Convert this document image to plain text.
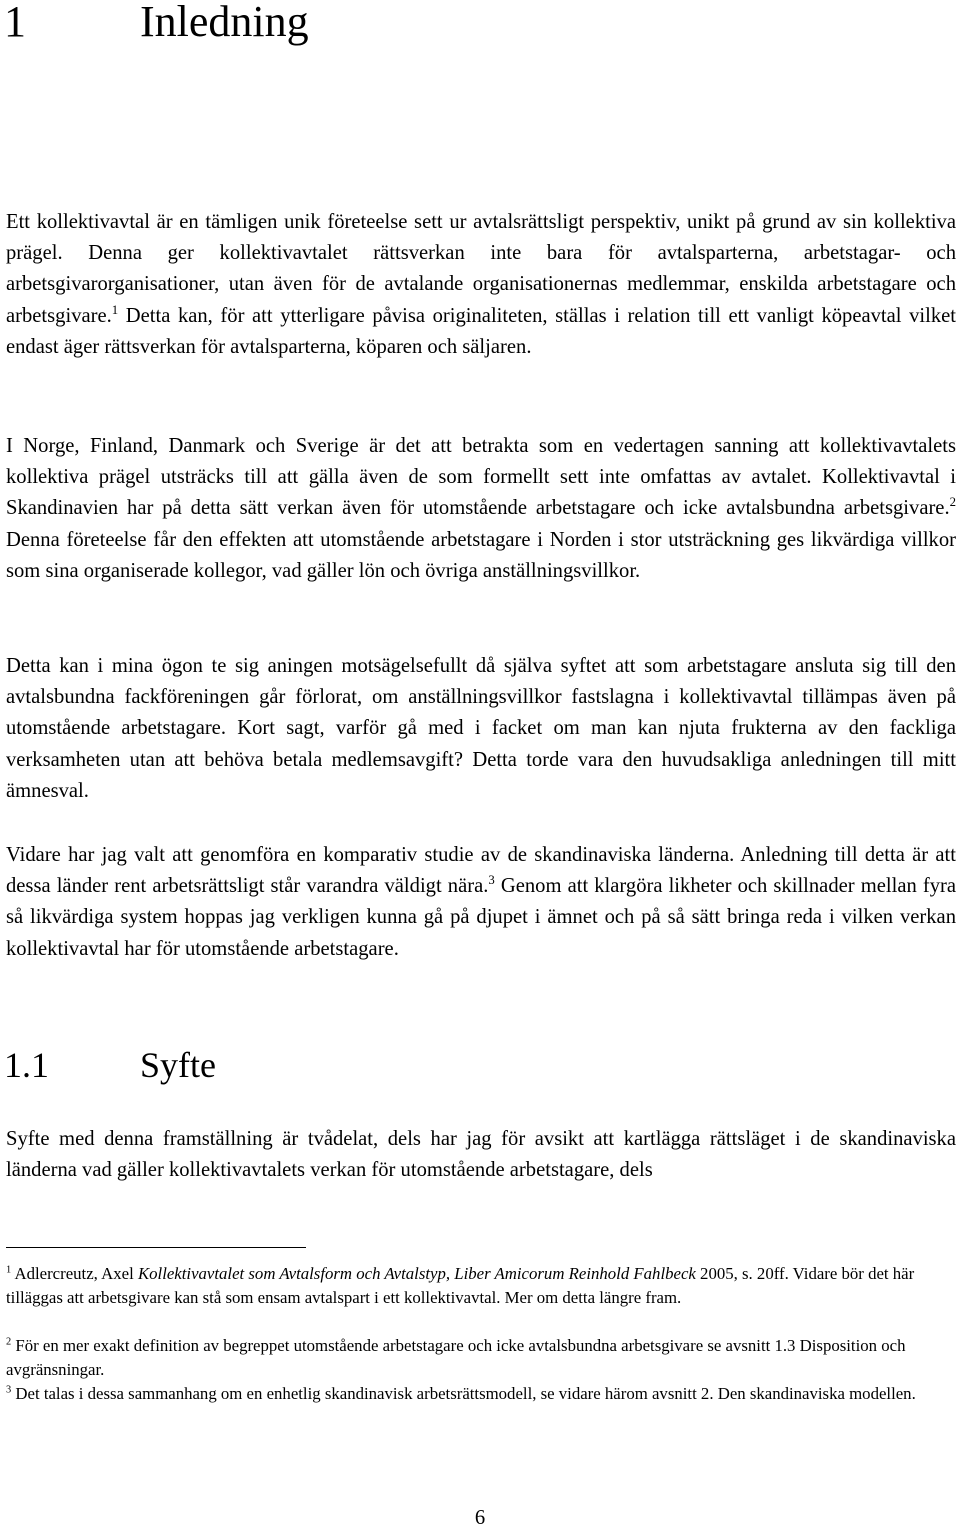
1	Inledning

Ett kollektivavtal är en tämligen unik företeelse sett ur avtalsrättsligt perspektiv, unikt på grund av sin kollektiva prägel. Denna ger kollektivavtalet rättsverkan inte bara för avtalsparterna, arbetstagar- och arbetsgivarorganisationer, utan även för de avtalande organisationernas medlemmar, enskilda arbetstagare och arbetsgivare.$^1$ Detta kan, för att ytterligare påvisa originaliteten, ställas i relation till ett vanligt köpeavtal vilket endast äger rättsverkan för avtalsparterna, köparen och säljaren.

I Norge, Finland, Danmark och Sverige är det att betrakta som en vedertagen sanning att kollektivavtalets kollektiva prägel utsträcks till att gälla även de som formellt sett inte omfattas av avtalet. Kollektivavtal i Skandinavien har på detta sätt verkan även för utomstående arbetstagare och icke avtalsbundna arbetsgivare.$^2$ Denna företeelse får den effekten att utomstående arbetstagare i Norden i stor utsträckning ges likvärdiga villkor som sina organiserade kollegor, vad gäller lön och övriga anställningsvillkor.

Detta kan i mina ögon te sig aningen motsägelsefullt då själva syftet att som arbetstagare ansluta sig till den avtalsbundna fackföreningen går förlorat, om anställningsvillkor fastslagna i kollektivavtal tillämpas även på utomstående arbetstagare. Kort sagt, varför gå med i facket om man kan njuta frukterna av den fackliga verksamheten utan att behöva betala medlemsavgift? Detta torde vara den huvudsakliga anledningen till mitt ämnesval.

Vidare har jag valt att genomföra en komparativ studie av de skandinaviska länderna. Anledning till detta är att dessa länder rent arbetsrättsligt står varandra väldigt nära.$^3$ Genom att klargöra likheter och skillnader mellan fyra så likvärdiga system hoppas jag verkligen kunna gå på djupet i ämnet och på så sätt bringa reda i vilken verkan kollektivavtal har för utomstående arbetstagare.

1.1	Syfte

Syfte med denna framställning är tvådelat, dels har jag för avsikt att kartlägga rättsläget i de skandinaviska länderna vad gäller kollektivavtalets verkan för utomstående arbetstagare, dels

$^1$ Adlercreutz, Axel Kollektivavtalet som Avtalsform och Avtalstyp, Liber Amicorum Reinhold Fahlbeck 2005, s. 20ff. Vidare bör det här tilläggas att arbetsgivare kan stå som ensam avtalspart i ett kollektivavtal. Mer om detta längre fram.

$^2$ För en mer exakt definition av begreppet utomstående arbetstagare och icke avtalsbundna arbetsgivare se avsnitt 1.3 Disposition och avgränsningar.

$^3$ Det talas i dessa sammanhang om en enhetlig skandinavisk arbetsrättsmodell, se vidare härom avsnitt 2. Den skandinaviska modellen.

6
